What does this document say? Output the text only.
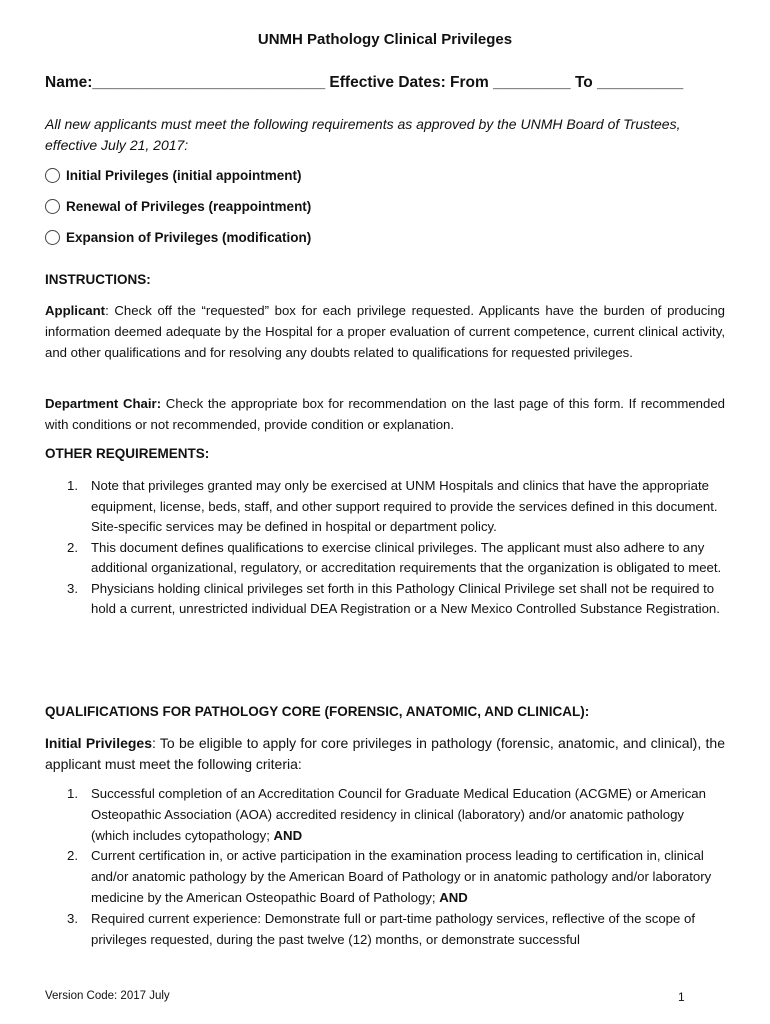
UNMH Pathology Clinical Privileges
Name:___________________________ Effective Dates: From _________ To __________
All new applicants must meet the following requirements as approved by the UNMH Board of Trustees, effective July 21, 2017:
Initial Privileges (initial appointment)
Renewal of Privileges (reappointment)
Expansion of Privileges (modification)
INSTRUCTIONS:
Applicant: Check off the “requested” box for each privilege requested. Applicants have the burden of producing information deemed adequate by the Hospital for a proper evaluation of current competence, current clinical activity, and other qualifications and for resolving any doubts related to qualifications for requested privileges.
Department Chair: Check the appropriate box for recommendation on the last page of this form. If recommended with conditions or not recommended, provide condition or explanation.
OTHER REQUIREMENTS:
1. Note that privileges granted may only be exercised at UNM Hospitals and clinics that have the appropriate equipment, license, beds, staff, and other support required to provide the services defined in this document. Site-specific services may be defined in hospital or department policy.
2. This document defines qualifications to exercise clinical privileges. The applicant must also adhere to any additional organizational, regulatory, or accreditation requirements that the organization is obligated to meet.
3. Physicians holding clinical privileges set forth in this Pathology Clinical Privilege set shall not be required to hold a current, unrestricted individual DEA Registration or a New Mexico Controlled Substance Registration.
QUALIFICATIONS FOR PATHOLOGY CORE (FORENSIC, ANATOMIC, AND CLINICAL):
Initial Privileges: To be eligible to apply for core privileges in pathology (forensic, anatomic, and clinical), the applicant must meet the following criteria:
1. Successful completion of an Accreditation Council for Graduate Medical Education (ACGME) or American Osteopathic Association (AOA) accredited residency in clinical (laboratory) and/or anatomic pathology (which includes cytopathology; AND
2. Current certification in, or active participation in the examination process leading to certification in, clinical and/or anatomic pathology by the American Board of Pathology or in anatomic pathology and/or laboratory medicine by the American Osteopathic Board of Pathology; AND
3. Required current experience: Demonstrate full or part-time pathology services, reflective of the scope of privileges requested, during the past twelve (12) months, or demonstrate successful
Version Code: 2017 July	1
